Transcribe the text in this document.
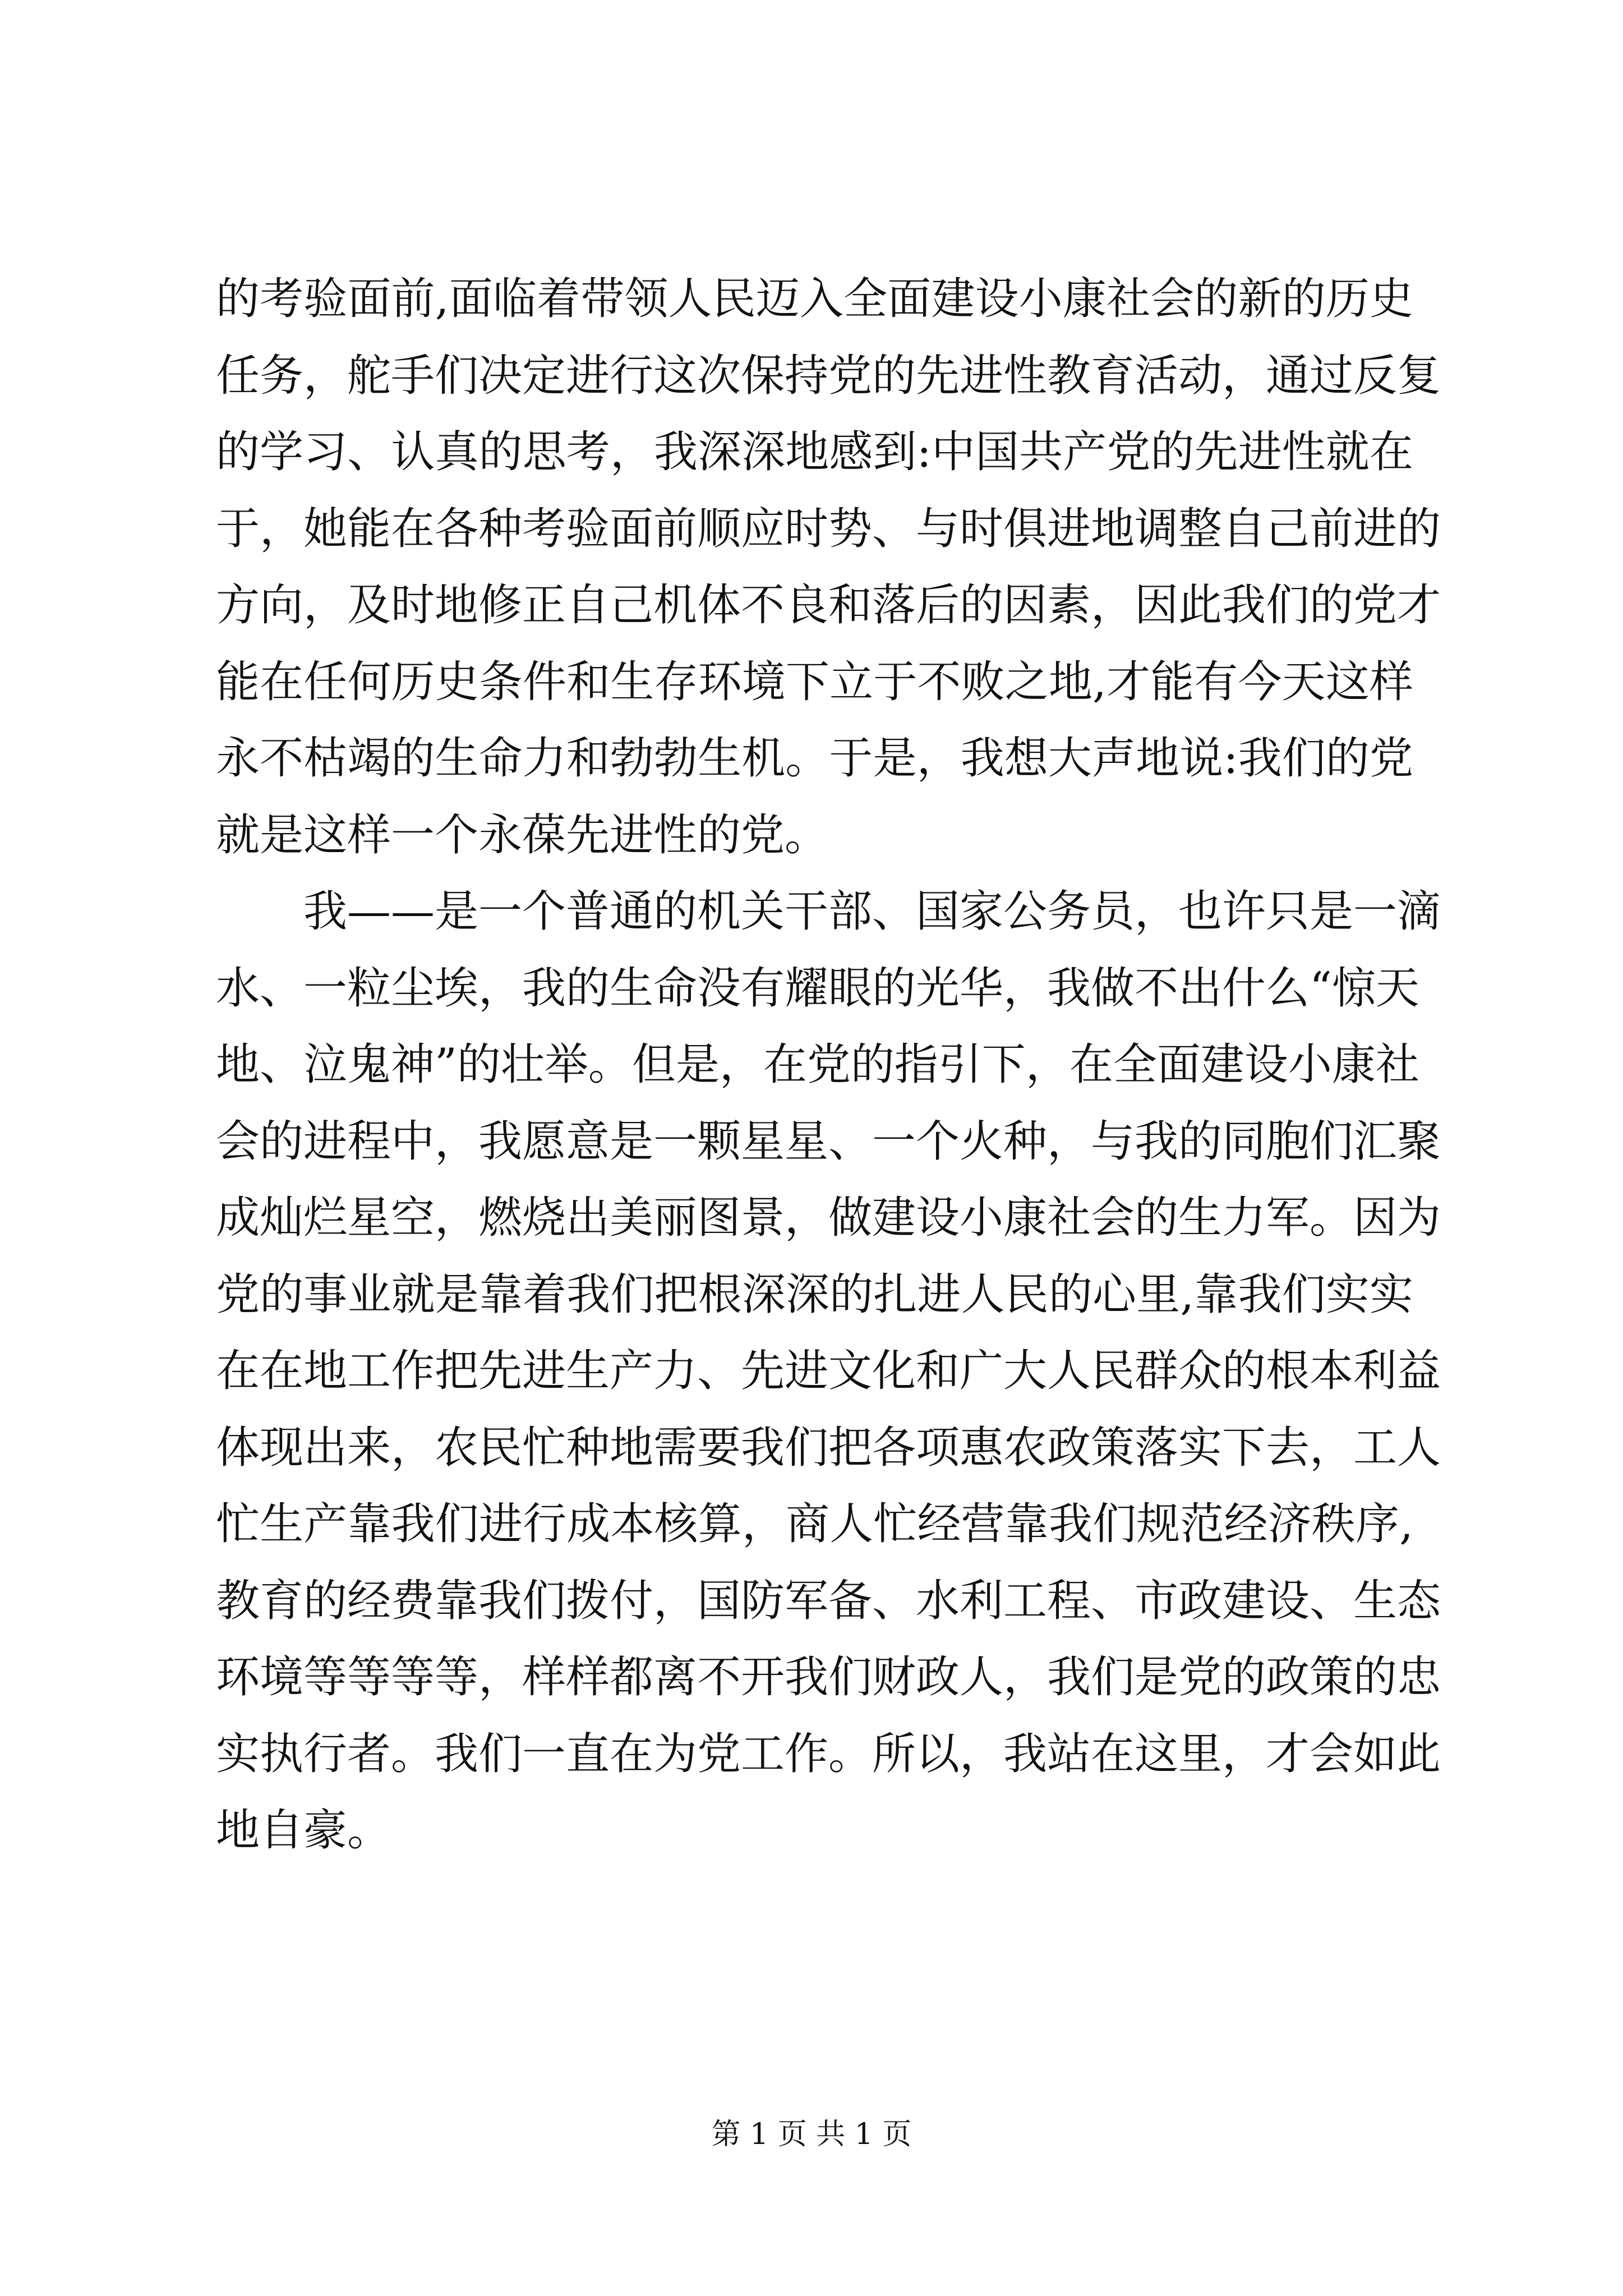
的考验面前,面临着带领人民迈入全面建设小康社会的新的历史
任务，舵手们决定进行这次保持党的先进性教育活动，通过反复
的学习、认真的思考，我深深地感到:中国共产党的先进性就在
于，她能在各种考验面前顺应时势、与时俱进地调整自己前进的
方向，及时地修正自己机体不良和落后的因素，因此我们的党才
能在任何历史条件和生存环境下立于不败之地,才能有今天这样
永不枯竭的生命力和勃勃生机。于是，我想大声地说:我们的党
就是这样一个永葆先进性的党。
我——是一个普通的机关干部、国家公务员，也许只是一滴
水、一粒尘埃，我的生命没有耀眼的光华，我做不出什么“惊天
地、泣鬼神”的壮举。但是，在党的指引下，在全面建设小康社
会的进程中，我愿意是一颗星星、一个火种，与我的同胞们汇聚
成灿烂星空，燃烧出美丽图景，做建设小康社会的生力军。因为
党的事业就是靠着我们把根深深的扎进人民的心里,靠我们实实
在在地工作把先进生产力、先进文化和广大人民群众的根本利益
体现出来，农民忙种地需要我们把各项惠农政策落实下去，工人
忙生产靠我们进行成本核算，商人忙经营靠我们规范经济秩序,
教育的经费靠我们拨付，国防军备、水利工程、市政建设、生态
环境等等等等，样样都离不开我们财政人，我们是党的政策的忠
实执行者。我们一直在为党工作。所以，我站在这里，才会如此
地自豪。
第 1 页 共 1 页
